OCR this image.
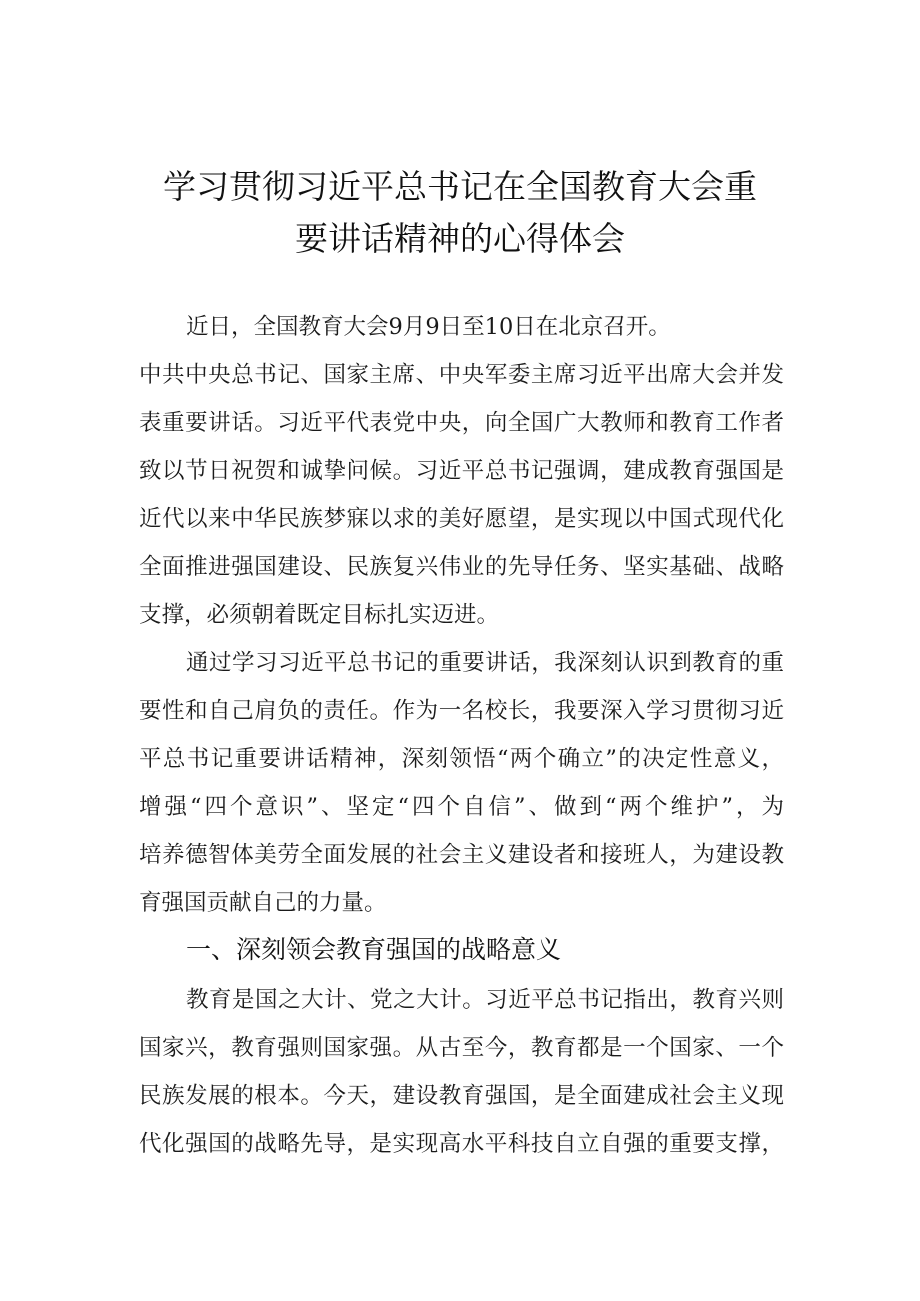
学习贯彻习近平总书记在全国教育大会重
要讲话精神的心得体会
近日，全国教育大会9月9日至10日在北京召开。
中共中央总书记、国家主席、中央军委主席习近平出席大会并发
表重要讲话。习近平代表党中央，向全国广大教师和教育工作者
致以节日祝贺和诚挚问候。习近平总书记强调，建成教育强国是
近代以来中华民族梦寐以求的美好愿望，是实现以中国式现代化
全面推进强国建设、民族复兴伟业的先导任务、坚实基础、战略
支撑，必须朝着既定目标扎实迈进。
通过学习习近平总书记的重要讲话，我深刻认识到教育的重
要性和自己肩负的责任。作为一名校长，我要深入学习贯彻习近
平总书记重要讲话精神，深刻领悟“两个确立”的决定性意义，
增强“四个意识”、坚定“四个自信”、做到“两个维护”，为
培养德智体美劳全面发展的社会主义建设者和接班人，为建设教
育强国贡献自己的力量。
一、深刻领会教育强国的战略意义
教育是国之大计、党之大计。习近平总书记指出，教育兴则
国家兴，教育强则国家强。从古至今，教育都是一个国家、一个
民族发展的根本。今天，建设教育强国，是全面建成社会主义现
代化强国的战略先导，是实现高水平科技自立自强的重要支撑，
